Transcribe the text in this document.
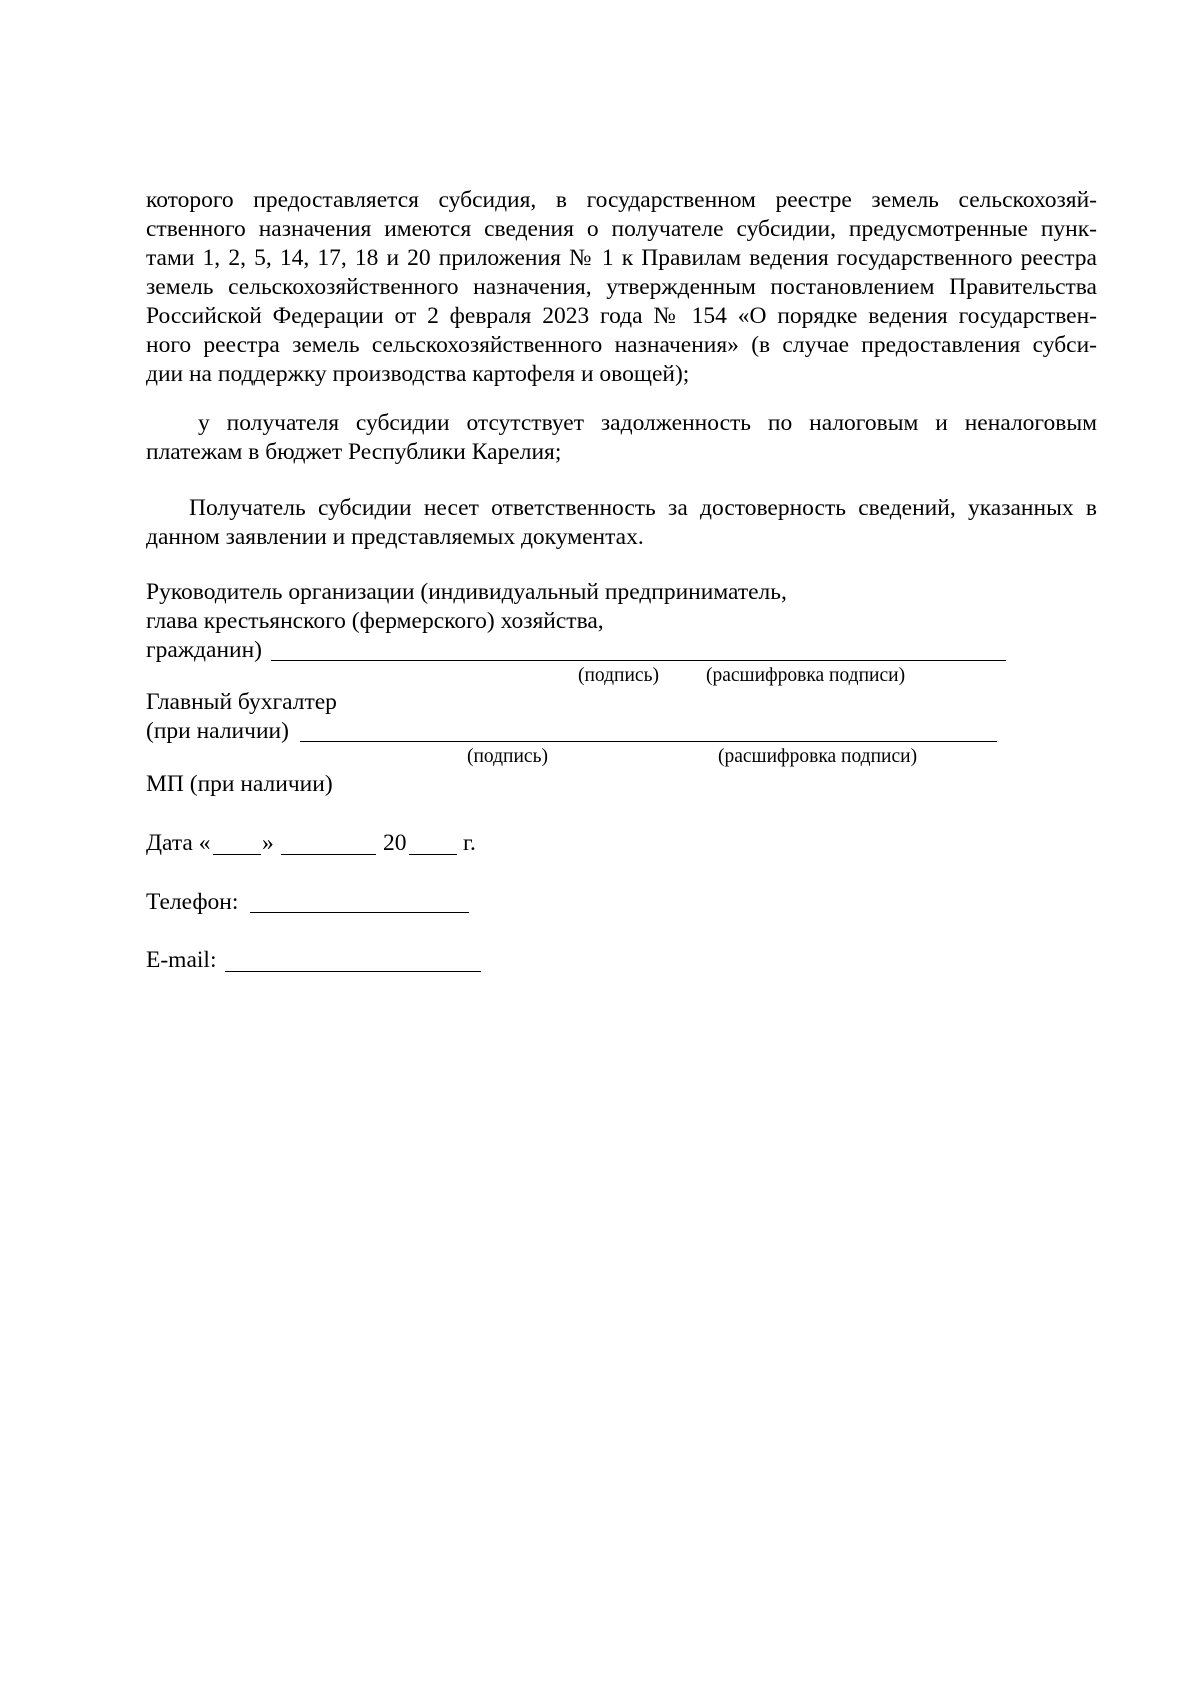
которого предоставляется субсидия, в государственном реестре земель сельскохозяй-
ственного назначения имеются сведения о получателе субсидии, предусмотренные пунк-
тами 1, 2, 5, 14, 17, 18 и 20 приложения № 1 к Правилам ведения государственного реестра
земель сельскохозяйственного назначения, утвержденным постановлением Правительства
Российской Федерации от 2 февраля 2023 года № 154 «О порядке ведения государствен-
ного реестра земель сельскохозяйственного назначения» (в случае предоставления субси-
дии на поддержку производства картофеля и овощей);
у получателя субсидии отсутствует задолженность по налоговым и неналоговым
платежам в бюджет Республики Карелия;
Получатель субсидии несет ответственность за достоверность сведений, указанных в
данном заявлении и представляемых документах.
Руководитель организации (индивидуальный предприниматель,
глава крестьянского (фермерского) хозяйства,
гражданин)
(подпись) (расшифровка подписи)
Главный бухгалтер
(при наличии)
(подпись)	(расшифровка подписи)
МП (при наличии)
Дата « »	20 г.
Телефон:
E-mail:
